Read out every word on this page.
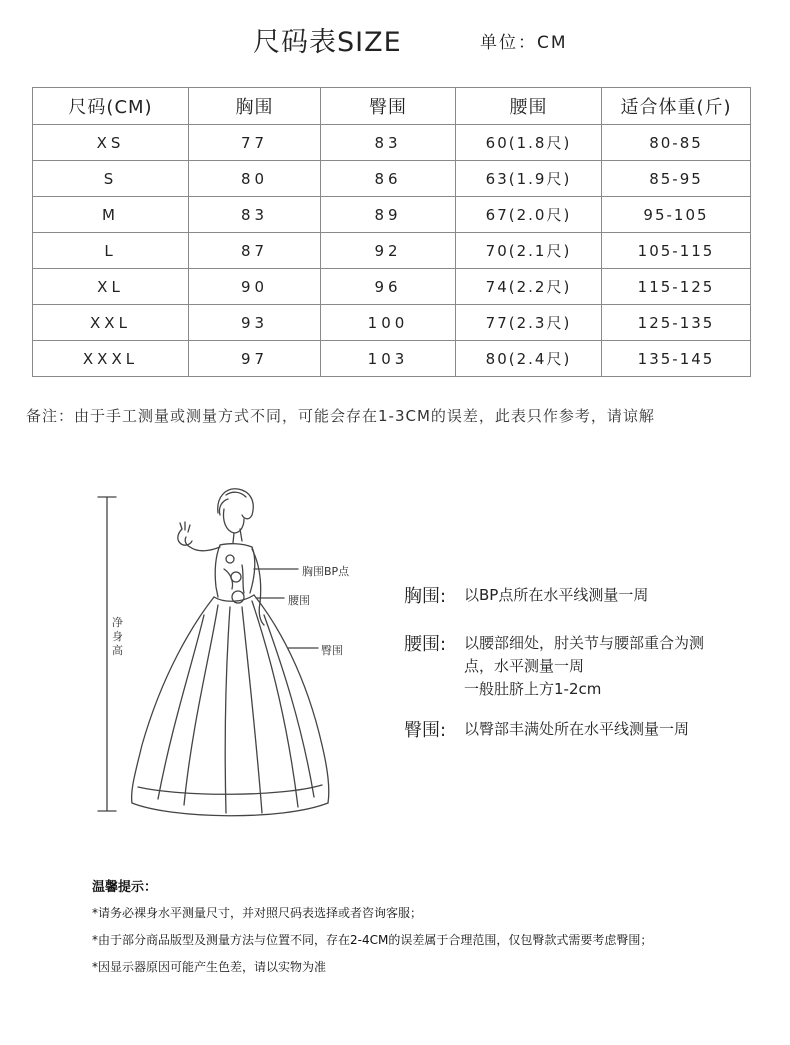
尺码表SIZE	单位：CM
尺码(CM)	胸围	臀围	腰围	适合体重(斤)
XS	77	83	60(1.8尺)	80-85
S	80	86	63(1.9尺)	85-95
M	83	89	67(2.0尺)	95-105
L	87	92	70(2.1尺)	105-115
XL	90	96	74(2.2尺)	115-125
XXL	93	100	77(2.3尺)	125-135
XXXL	97	103	80(2.4尺)	135-145
备注：由于手工测量或测量方式不同，可能会存在1-3CM的误差，此表只作参考，请谅解
胸围BP点
腰围
臀围
净身高
胸围: 以BP点所在水平线测量一周
腰围: 以腰部细处，肘关节与腰部重合为测
点，水平测量一周
一般肚脐上方1-2cm
臀围: 以臀部丰满处所在水平线测量一周
温馨提示：
*请务必裸身水平测量尺寸，并对照尺码表选择或者咨询客服；
*由于部分商品版型及测量方法与位置不同，存在2-4CM的误差属于合理范围，仅包臀款式需要考虑臀围；
*因显示器原因可能产生色差，请以实物为准
